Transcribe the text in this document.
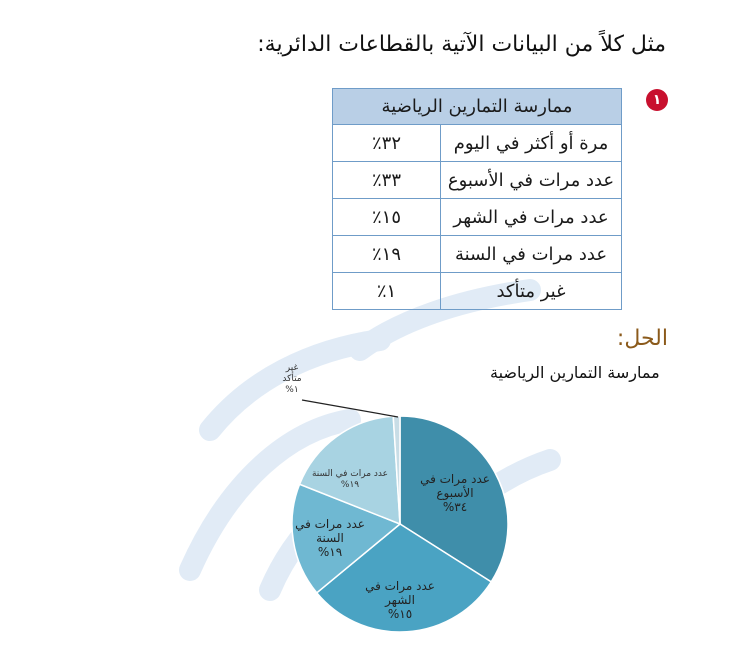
مثل كلاً من البيانات الآتية بالقطاعات الدائرية:
١
ممارسة التمارين الرياضية	
مرة أو أكثر في اليوم	٣٢٪
عدد مرات في الأسبوع	٣٣٪
عدد مرات في الشهر	١٥٪
عدد مرات في السنة	١٩٪
غير متأكد	١٪
الحل:
ممارسة التمارين الرياضية
عدد مرات في الأسبوع ٣٤%
عدد مرات في الشهر ١٥%
عدد مرات في السنة ١٩%
عدد مرات في السنة ١٩%
غير متأكد ١%
